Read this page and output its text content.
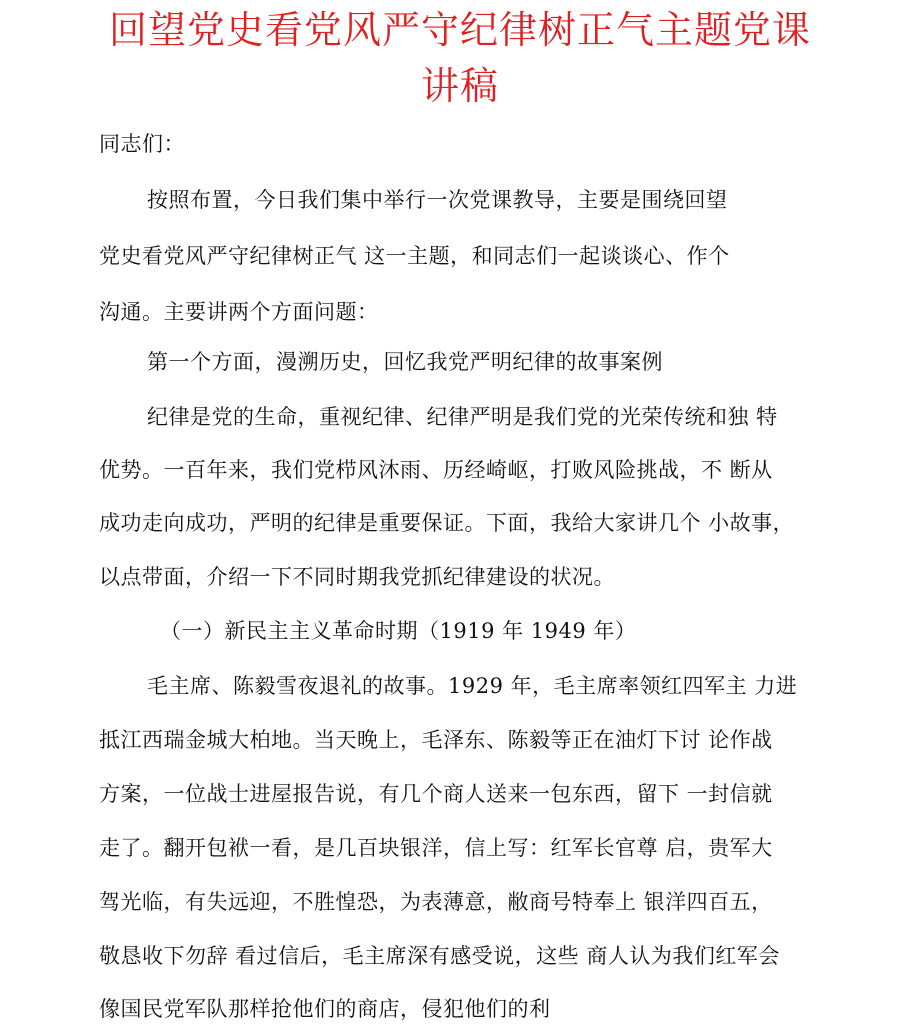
回望党史看党风严守纪律树正气主题党课
讲稿
同志们：
按照布置，今日我们集中举行一次党课教导，主要是围绕回望
党史看党风严守纪律树正气 这一主题，和同志们一起谈谈心、作个
沟通。主要讲两个方面问题：
第一个方面，漫溯历史，回忆我党严明纪律的故事案例
纪律是党的生命，重视纪律、纪律严明是我们党的光荣传统和独 特
优势。一百年来，我们党栉风沐雨、历经崎岖，打败风险挑战，不 断从
成功走向成功，严明的纪律是重要保证。下面，我给大家讲几个 小故事，
以点带面，介绍一下不同时期我党抓纪律建设的状况。
（一）新民主主义革命时期（1919 年 1949 年）
毛主席、陈毅雪夜退礼的故事。1929 年，毛主席率领红四军主 力进
抵江西瑞金城大柏地。当天晚上，毛泽东、陈毅等正在油灯下讨 论作战
方案，一位战士进屋报告说，有几个商人送来一包东西，留下 一封信就
走了。翻开包袱一看，是几百块银洋，信上写：红军长官尊 启，贵军大
驾光临，有失远迎，不胜惶恐，为表薄意，敝商号特奉上 银洋四百五，
敬恳收下勿辞 看过信后，毛主席深有感受说，这些 商人认为我们红军会
像国民党军队那样抢他们的商店，侵犯他们的利
